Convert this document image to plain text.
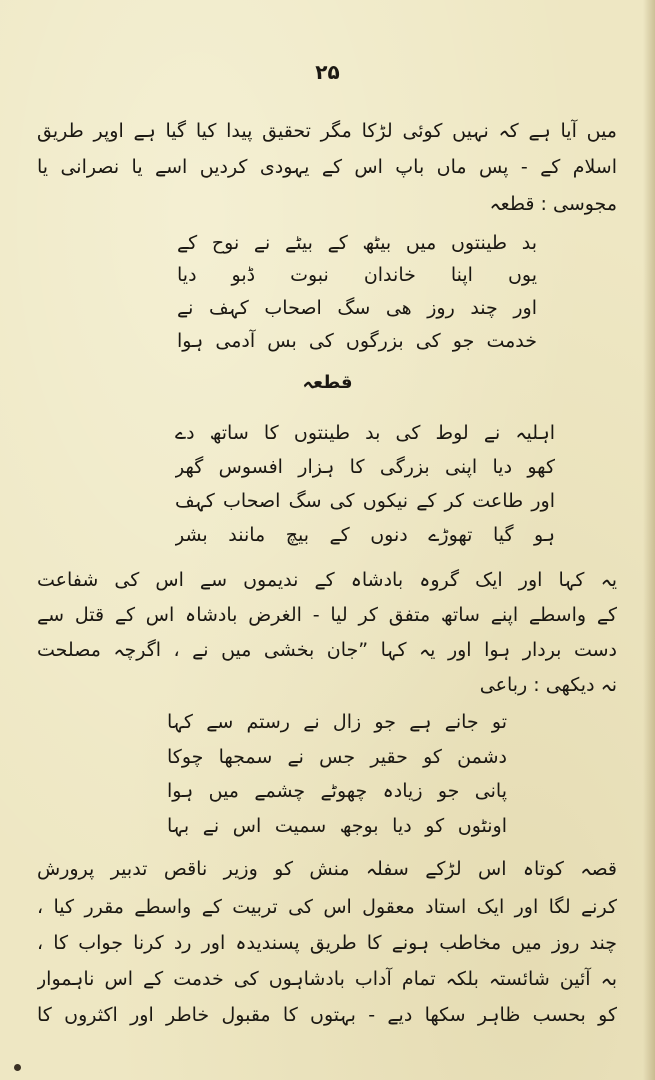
۲۵
میں آیا ہے کہ نہیں کوئی لڑکا مگر تحقیق پیدا کیا گیا ہے اوپر طریق
اسلام کے - پس ماں باپ اس کے یہودی کردیں اسے یا نصرانی یا
مجوسی : قطعہ
بد طینتوں میں بیٹھ کے بیٹے نے نوح کے
یوں اپنا خاندان نبوت ڈبو دیا
اور چند روز ھی سگ اصحاب کہف نے
خدمت جو کی بزرگوں کی بس آدمی ہوا
قطعہ
اہلیہ نے لوط کی بد طینتوں کا ساتھ دے
کھو دیا اپنی بزرگی کا ہزار افسوس گھر
اور طاعت کر کے نیکوں کی سگ اصحاب کہف
ہو گیا تھوڑے دنوں کے بیچ مانند بشر
یہ کہا اور ایک گروہ بادشاہ کے ندیموں سے اس کی شفاعت
کے واسطے اپنے ساتھ متفق کر لیا - الغرض بادشاہ اس کے قتل سے
دست بردار ہوا اور یہ کہا ”جان بخشی میں نے ، اگرچہ مصلحت
نہ دیکھی : رباعی
تو جانے ہے جو زال نے رستم سے کہا
دشمن کو حقیر جس نے سمجھا چوکا
پانی جو زیادہ چھوٹے چشمے میں ہوا
اونٹوں کو دیا بوجھ سمیت اس نے بہا
قصہ کوتاہ اس لڑکے سفلہ منش کو وزیر ناقص تدبیر پرورش
کرنے لگا اور ایک استاد معقول اس کی تربیت کے واسطے مقرر کیا ،
چند روز میں مخاطب ہونے کا طریق پسندیدہ اور رد کرنا جواب کا ،
بہ آئین شائستہ بلکہ تمام آداب بادشاہوں کی خدمت کے اس ناہموار
کو بحسب ظاہر سکھا دیے - بہتوں کا مقبول خاطر اور اکثروں کا
